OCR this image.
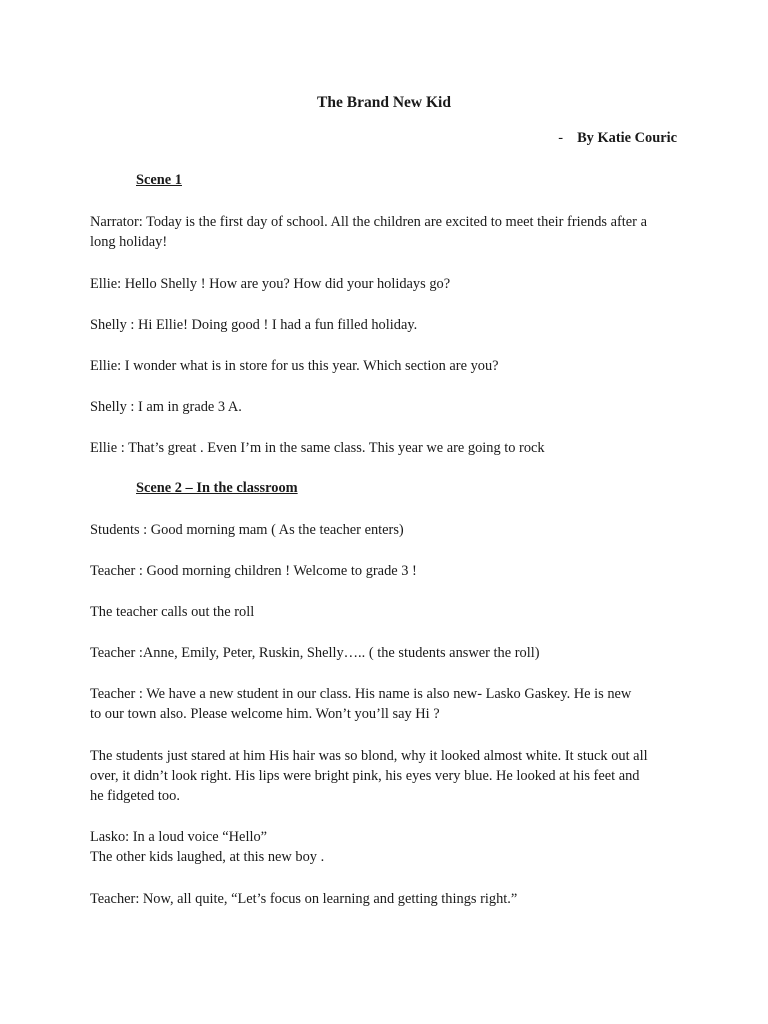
The Brand New Kid
- By Katie Couric
Scene 1
Narrator: Today is the first day of school. All the children are excited to meet their friends after a
long holiday!
Ellie: Hello Shelly ! How are you? How did your holidays go?
Shelly : Hi Ellie! Doing good ! I had a fun filled holiday.
Ellie: I wonder what is in store for us this year. Which section are you?
Shelly : I am in grade 3 A.
Ellie : That’s great . Even I’m in the same class. This year we are going to rock
Scene 2 – In the classroom
Students : Good morning mam ( As the teacher enters)
Teacher : Good morning children ! Welcome to grade 3 !
The teacher calls out the roll
Teacher :Anne, Emily, Peter, Ruskin, Shelly….. ( the students answer the roll)
Teacher : We have a new student in our class. His name is also new- Lasko Gaskey. He is new
to our town also. Please welcome him. Won’t you’ll say Hi ?
The students just stared at him His hair was so blond, why it looked almost white. It stuck out all
over, it didn’t look right. His lips were bright pink, his eyes very blue. He looked at his feet and
he fidgeted too.
Lasko: In a loud voice “Hello”
The other kids laughed, at this new boy .
Teacher: Now, all quite, “Let’s focus on learning and getting things right.”
